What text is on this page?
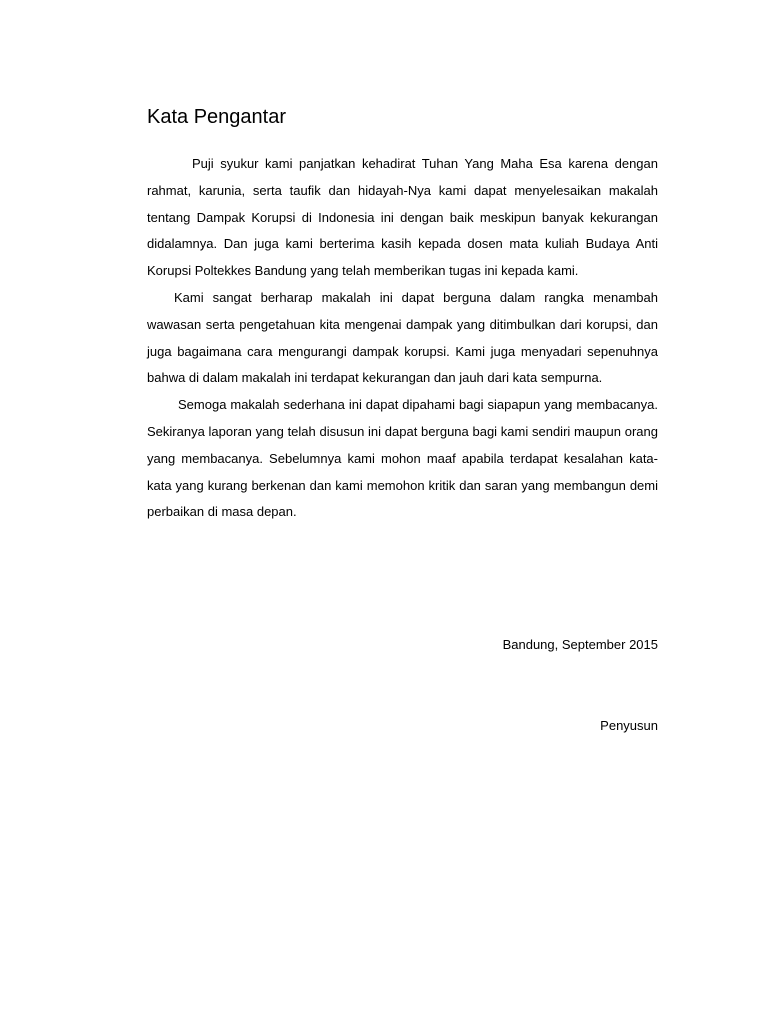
Kata Pengantar

Puji syukur kami panjatkan kehadirat Tuhan Yang Maha Esa karena dengan rahmat, karunia, serta taufik dan hidayah-Nya kami dapat menyelesaikan makalah tentang Dampak Korupsi di Indonesia ini dengan baik meskipun banyak kekurangan didalamnya. Dan juga kami berterima kasih kepada dosen mata kuliah Budaya Anti Korupsi Poltekkes Bandung yang telah memberikan tugas ini kepada kami.

Kami sangat berharap makalah ini dapat berguna dalam rangka menambah wawasan serta pengetahuan kita mengenai dampak yang ditimbulkan dari korupsi, dan juga bagaimana cara mengurangi dampak korupsi. Kami juga menyadari sepenuhnya bahwa di dalam makalah ini terdapat kekurangan dan jauh dari kata sempurna.

Semoga makalah sederhana ini dapat dipahami bagi siapapun yang membacanya. Sekiranya laporan yang telah disusun ini dapat berguna bagi kami sendiri maupun orang yang membacanya. Sebelumnya kami mohon maaf apabila terdapat kesalahan kata-kata yang kurang berkenan dan kami memohon kritik dan saran yang membangun demi perbaikan di masa depan.

Bandung, September 2015
Penyusun
